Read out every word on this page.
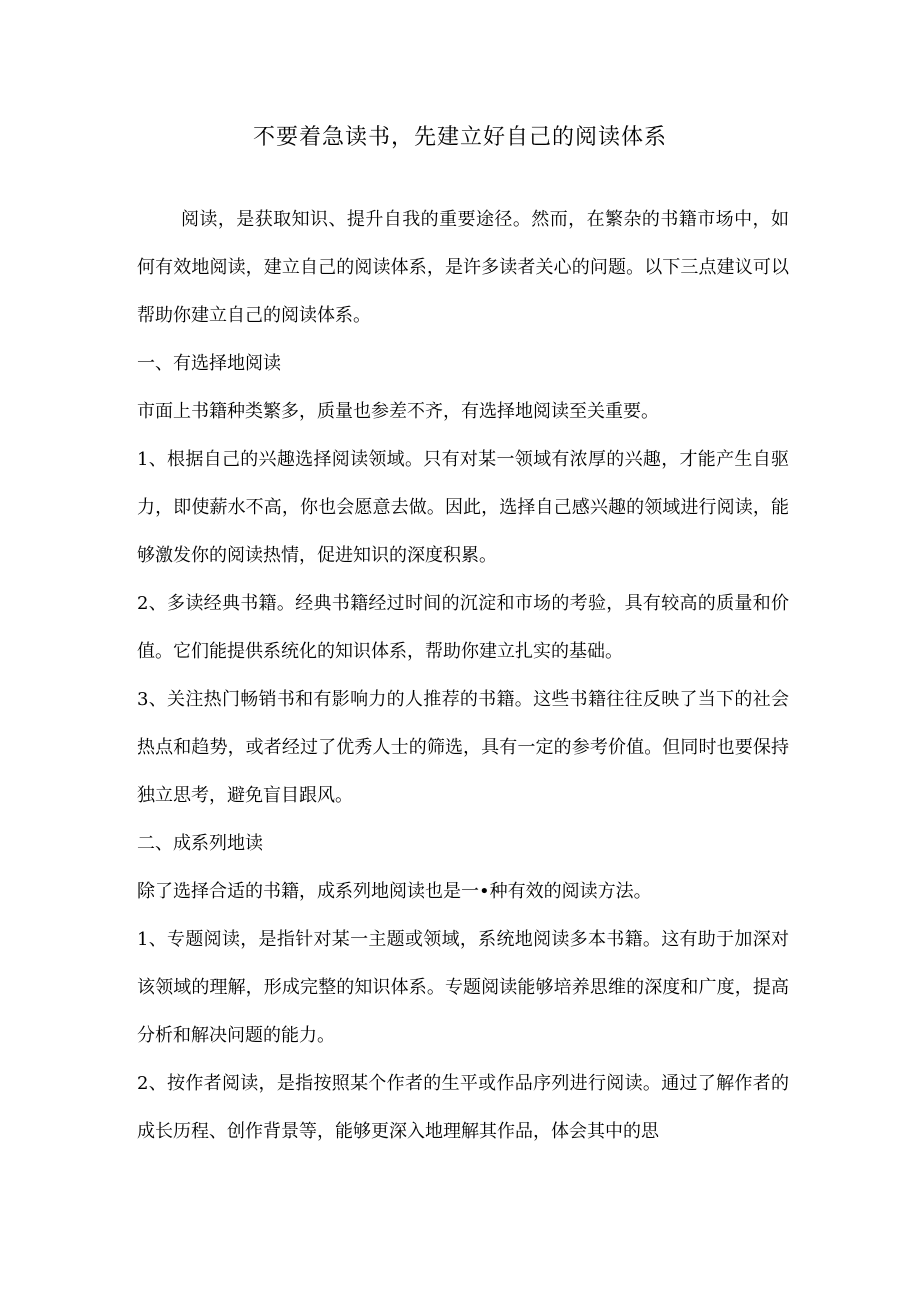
不要着急读书，先建立好自己的阅读体系

阅读，是获取知识、提升自我的重要途径。然而，在繁杂的书籍市场中，如何有效地阅读，建立自己的阅读体系，是许多读者关心的问题。以下三点建议可以帮助你建立自己的阅读体系。

一、有选择地阅读

市面上书籍种类繁多，质量也参差不齐，有选择地阅读至关重要。

1、根据自己的兴趣选择阅读领域。只有对某一领域有浓厚的兴趣，才能产生自驱力，即使薪水不高，你也会愿意去做。因此，选择自己感兴趣的领域进行阅读，能够激发你的阅读热情，促进知识的深度积累。

2、多读经典书籍。经典书籍经过时间的沉淀和市场的考验，具有较高的质量和价值。它们能提供系统化的知识体系，帮助你建立扎实的基础。

3、关注热门畅销书和有影响力的人推荐的书籍。这些书籍往往反映了当下的社会热点和趋势，或者经过了优秀人士的筛选，具有一定的参考价值。但同时也要保持独立思考，避免盲目跟风。

二、成系列地读

除了选择合适的书籍，成系列地阅读也是一•种有效的阅读方法。

1、专题阅读，是指针对某一主题或领域，系统地阅读多本书籍。这有助于加深对该领域的理解，形成完整的知识体系。专题阅读能够培养思维的深度和广度，提高分析和解决问题的能力。

2、按作者阅读，是指按照某个作者的生平或作品序列进行阅读。通过了解作者的成长历程、创作背景等，能够更深入地理解其作品，体会其中的思
